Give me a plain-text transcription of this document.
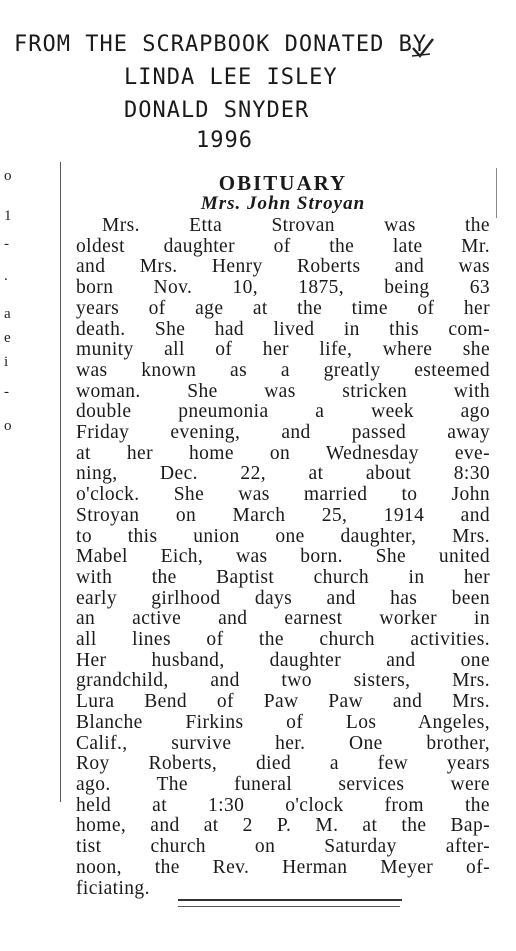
FROM THE SCRAPBOOK DONATED BY
LINDA LEE ISLEY
DONALD SNYDER
1996
o
1
-
.
a
e
i
-
o
OBITUARY
Mrs. John Stroyan
Mrs. Etta Strovan was the
oldest daughter of the late Mr.
and Mrs. Henry Roberts and was
born Nov. 10, 1875, being 63
years of age at the time of her
death. She had lived in this com-
munity all of her life, where she
was known as a greatly esteemed
woman. She was stricken with
double pneumonia a week ago
Friday evening, and passed away
at her home on Wednesday eve-
ning, Dec. 22, at about 8:30
o'clock. She was married to John
Stroyan on March 25, 1914 and
to this union one daughter, Mrs.
Mabel Eich, was born. She united
with the Baptist church in her
early girlhood days and has been
an active and earnest worker in
all lines of the church activities.
Her husband, daughter and one
grandchild, and two sisters, Mrs.
Lura Bend of Paw Paw and Mrs.
Blanche Firkins of Los Angeles,
Calif., survive her. One brother,
Roy Roberts, died a few years
ago. The funeral services were
held at 1:30 o'clock from the
home, and at 2 P. M. at the Bap-
tist church on Saturday after-
noon, the Rev. Herman Meyer of-
ficiating.
